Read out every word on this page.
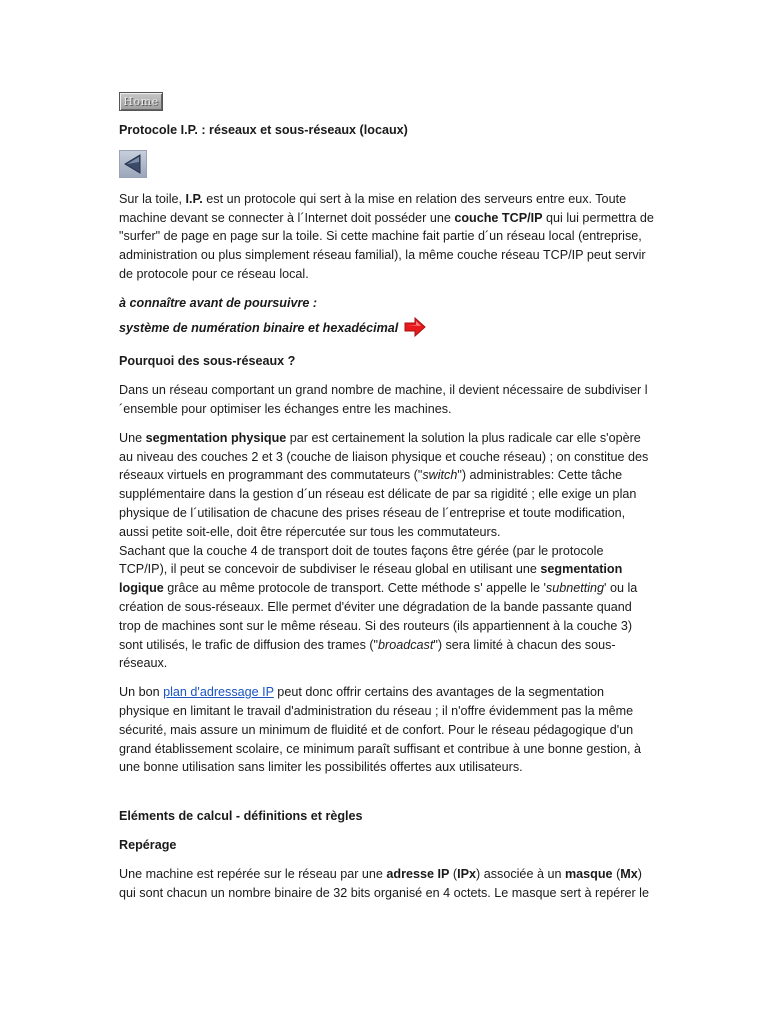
Home

Protocole I.P. : réseaux et sous-réseaux (locaux)

Sur la toile, I.P. est un protocole qui sert à la mise en relation des serveurs entre eux. Toute machine devant se connecter à l´Internet doit posséder une couche TCP/IP qui lui permettra de "surfer" de page en page sur la toile. Si cette machine fait partie d´un réseau local (entreprise, administration ou plus simplement réseau familial), la même couche réseau TCP/IP peut servir de protocole pour ce réseau local.

à connaître avant de poursuivre :

système de numération binaire et hexadécimal

Pourquoi des sous-réseaux ?

Dans un réseau comportant un grand nombre de machine, il devient nécessaire de subdiviser l´ensemble pour optimiser les échanges entre les machines.

Une segmentation physique par est certainement la solution la plus radicale car elle s'opère au niveau des couches 2 et 3 (couche de liaison physique et couche réseau) ; on constitue des réseaux virtuels en programmant des commutateurs ("switch") administrables: Cette tâche supplémentaire dans la gestion d´un réseau est délicate de par sa rigidité ; elle exige un plan physique de l´utilisation de chacune des prises réseau de l´entreprise et toute modification, aussi petite soit-elle, doit être répercutée sur tous les commutateurs.
Sachant que la couche 4 de transport doit de toutes façons être gérée (par le protocole TCP/IP), il peut se concevoir de subdiviser le réseau global en utilisant une segmentation logique grâce au même protocole de transport. Cette méthode s' appelle le 'subnetting' ou la création de sous-réseaux. Elle permet d'éviter une dégradation de la bande passante quand trop de machines sont sur le même réseau. Si des routeurs (ils appartiennent à la couche 3) sont utilisés, le trafic de diffusion des trames ("broadcast") sera limité à chacun des sous-réseaux.

Un bon plan d'adressage IP peut donc offrir certains des avantages de la segmentation physique en limitant le travail d'administration du réseau ; il n'offre évidemment pas la même sécurité, mais assure un minimum de fluidité et de confort. Pour le réseau pédagogique d'un grand établissement scolaire, ce minimum paraît suffisant et contribue à une bonne gestion, à une bonne utilisation sans limiter les possibilités offertes aux utilisateurs.

Eléments de calcul - définitions et règles

Repérage

Une machine est repérée sur le réseau par une adresse IP (IPx) associée à un masque (Mx) qui sont chacun un nombre binaire de 32 bits organisé en 4 octets. Le masque sert à repérer le
